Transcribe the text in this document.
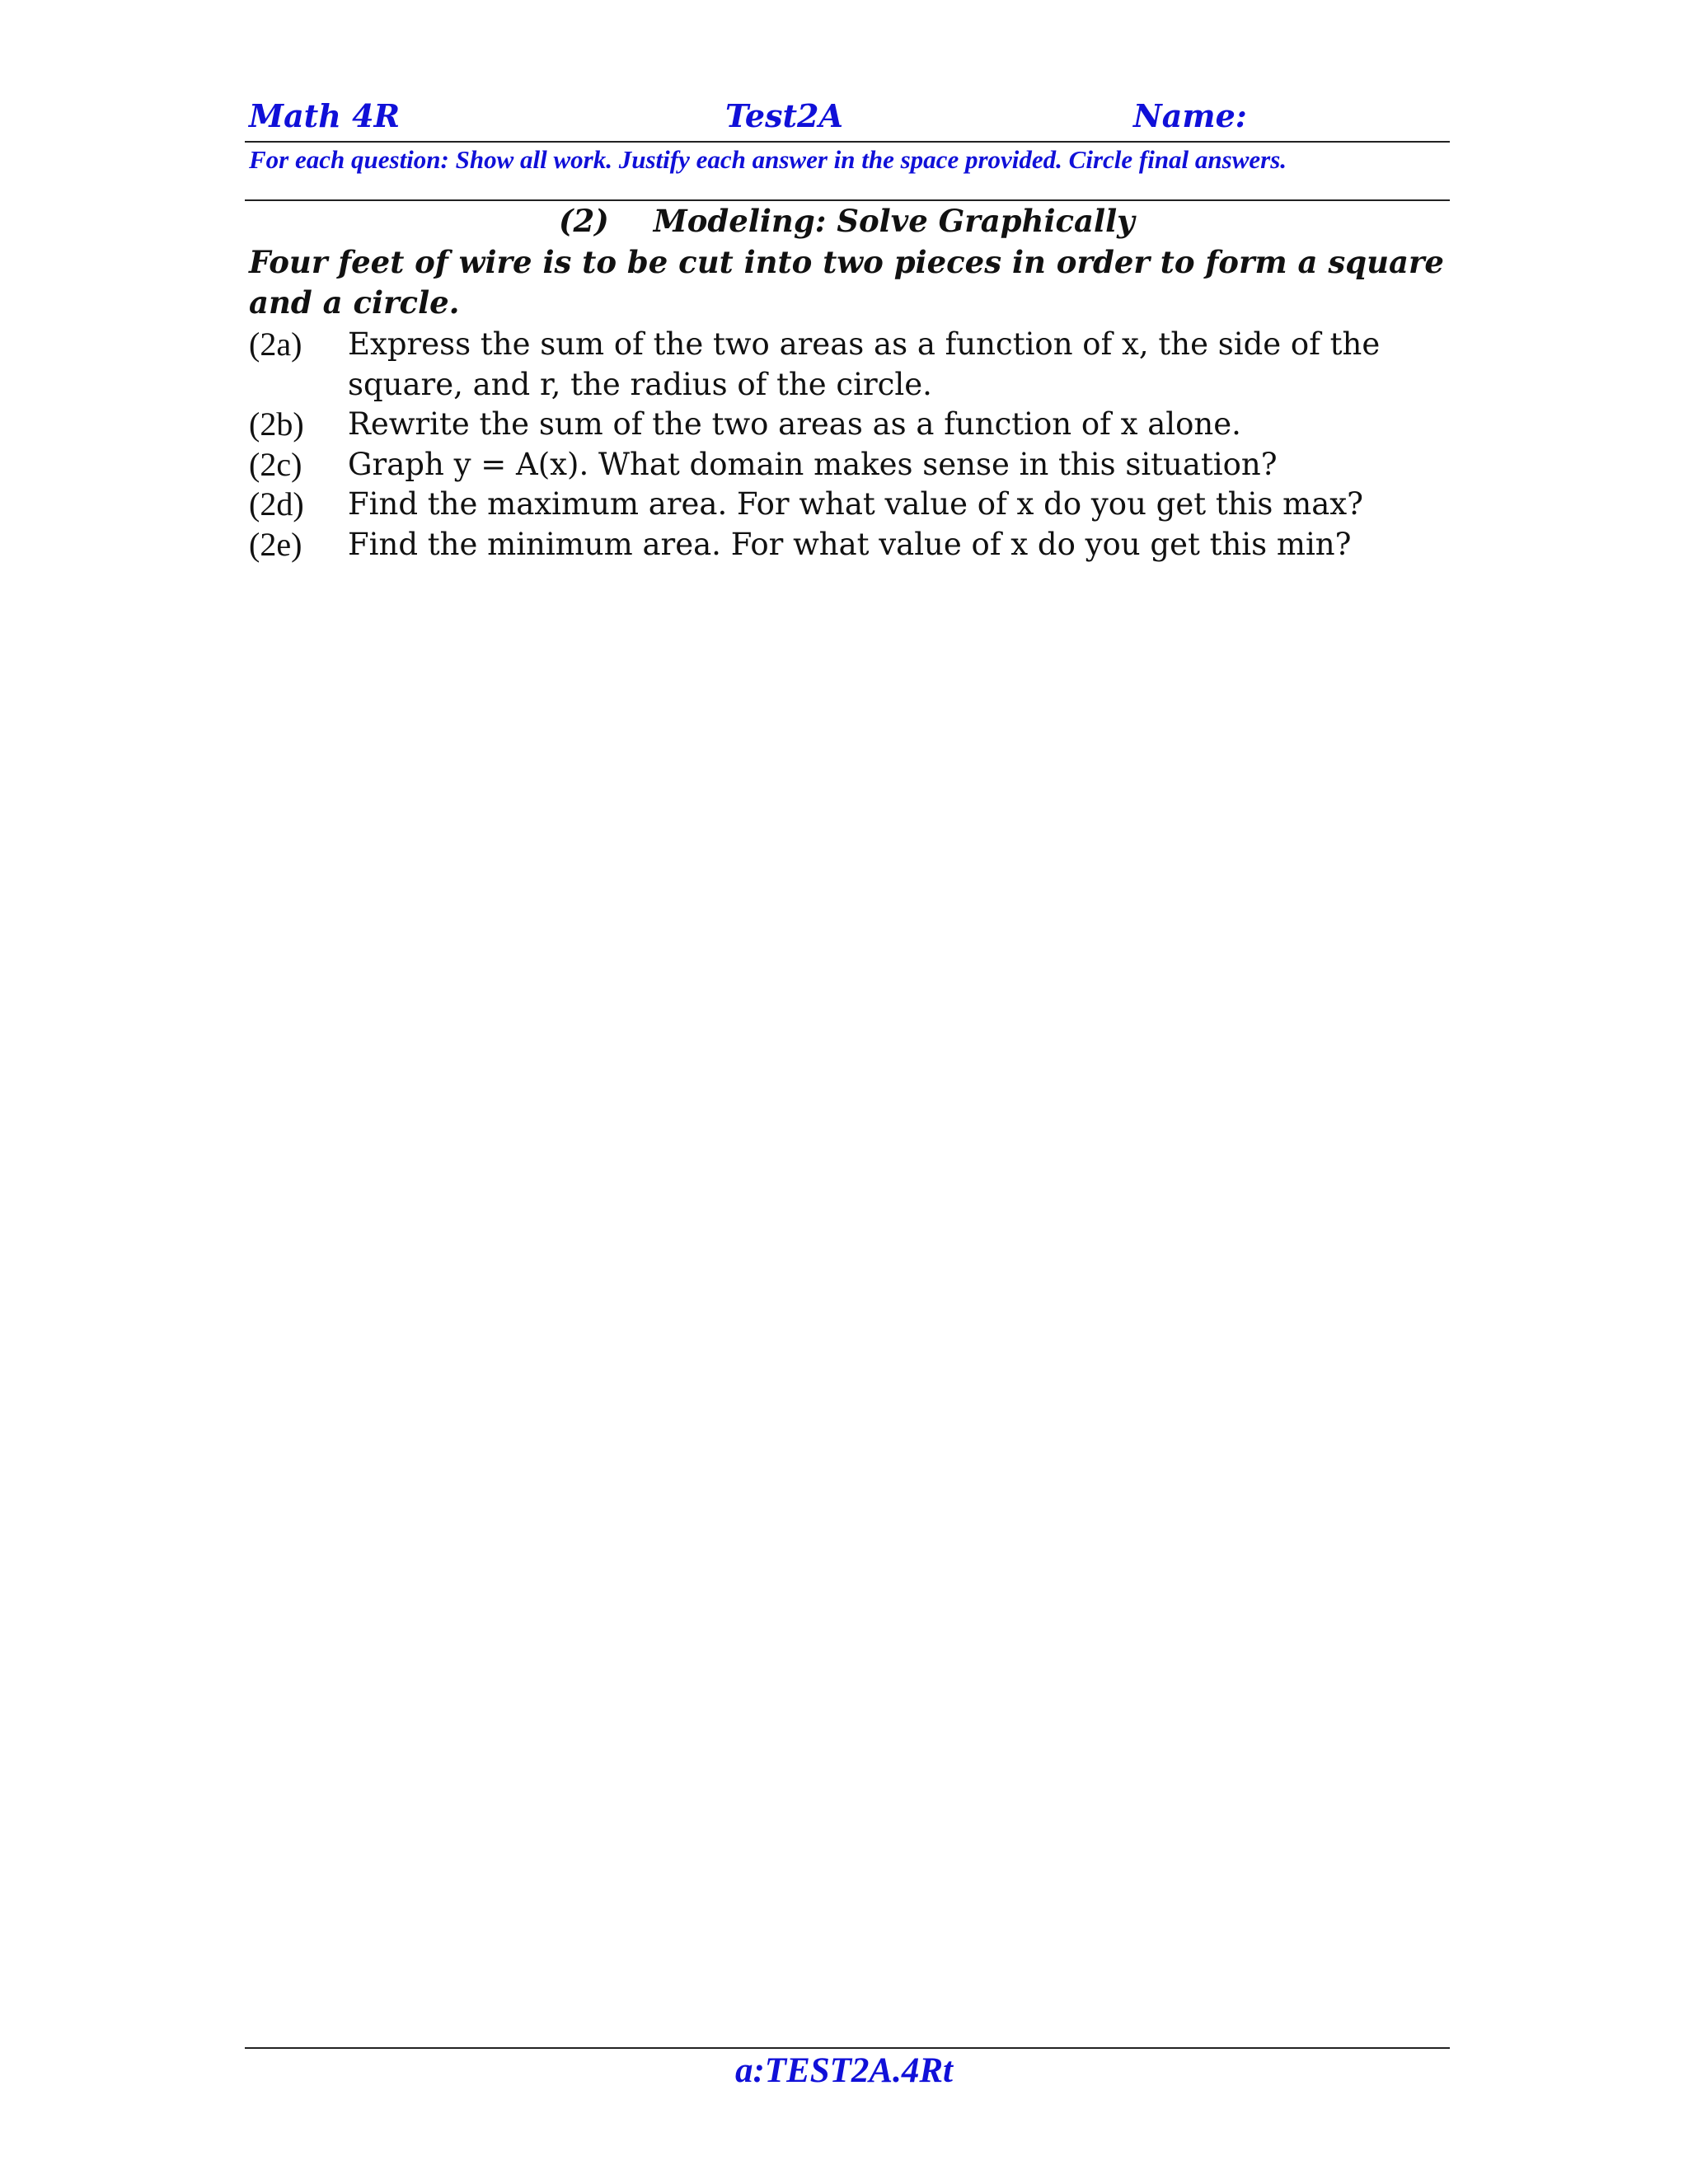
Math 4R	Test2A	Name:
For each question: Show all work. Justify each answer in the space provided. Circle final answers.
(2) Modeling: Solve Graphically
Four feet of wire is to be cut into two pieces in order to form a square and a circle.
(2a)	Express the sum of the two areas as a function of x, the side of the square, and r, the radius of the circle.
(2b)	Rewrite the sum of the two areas as a function of x alone.
(2c)	Graph y = A(x). What domain makes sense in this situation?
(2d)	Find the maximum area. For what value of x do you get this max?
(2e)	Find the minimum area. For what value of x do you get this min?
a:TEST2A.4Rt
